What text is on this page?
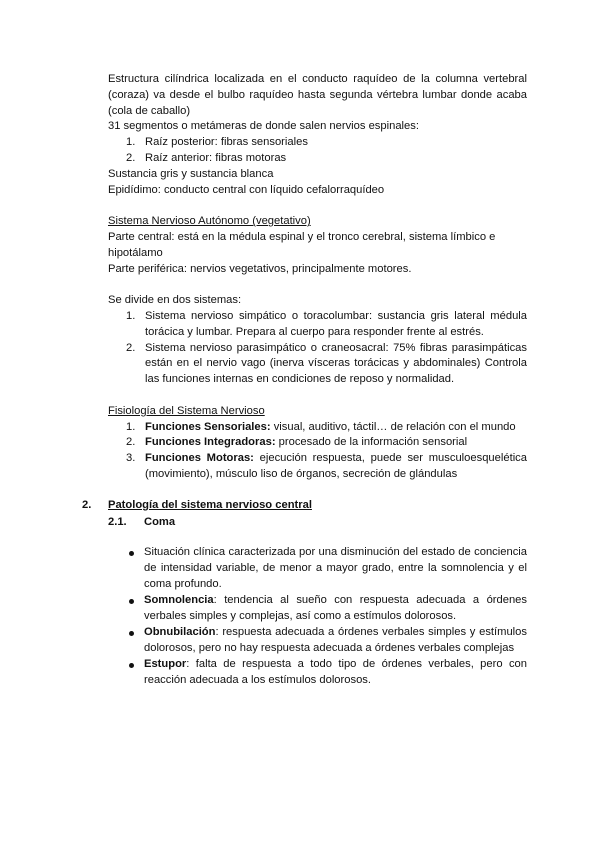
Estructura cilíndrica localizada en el conducto raquídeo de la columna vertebral (coraza) va desde el bulbo raquídeo hasta segunda vértebra lumbar donde acaba (cola de caballo)

31 segmentos o metámeras de donde salen nervios espinales:

1. Raíz posterior: fibras sensoriales
2. Raíz anterior: fibras motoras

Sustancia gris y sustancia blanca

Epidídimo: conducto central con líquido cefalorraquídeo

Sistema Nervioso Autónomo (vegetativo)

Parte central: está en la médula espinal y el tronco cerebral, sistema límbico e hipotálamo

Parte periférica: nervios vegetativos, principalmente motores.

Se divide en dos sistemas:

1. Sistema nervioso simpático o toracolumbar: sustancia gris lateral médula torácica y lumbar. Prepara al cuerpo para responder frente al estrés.
2. Sistema nervioso parasimpático o craneosacral: 75% fibras parasimpáticas están en el nervio vago (inerva vísceras torácicas y abdominales) Controla las funciones internas en condiciones de reposo y normalidad.

Fisiología del Sistema Nervioso

1. Funciones Sensoriales: visual, auditivo, táctil… de relación con el mundo
2. Funciones Integradoras: procesado de la información sensorial
3. Funciones Motoras: ejecución respuesta, puede ser musculoesquelética (movimiento), músculo liso de órganos, secreción de glándulas
2. Patología del sistema nervioso central
2.1. Coma
Situación clínica caracterizada por una disminución del estado de conciencia de intensidad variable, de menor a mayor grado, entre la somnolencia y el coma profundo.
Somnolencia: tendencia al sueño con respuesta adecuada a órdenes verbales simples y complejas, así como a estímulos dolorosos.
Obnubilación: respuesta adecuada a órdenes verbales simples y estímulos dolorosos, pero no hay respuesta adecuada a órdenes verbales complejas
Estupor: falta de respuesta a todo tipo de órdenes verbales, pero con reacción adecuada a los estímulos dolorosos.
